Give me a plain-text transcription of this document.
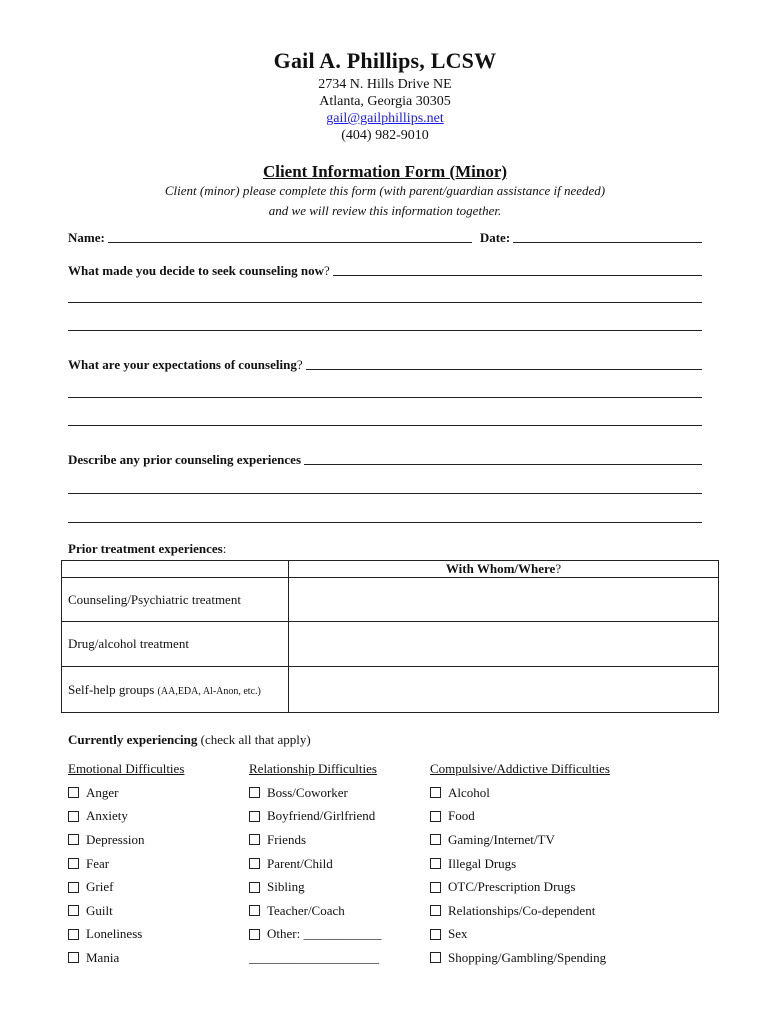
Gail A. Phillips, LCSW
2734 N. Hills Drive NE
Atlanta, Georgia 30305
gail@gailphillips.net
(404) 982-9010
Client Information Form (Minor)
Client (minor) please complete this form (with parent/guardian assistance if needed)
and we will review this information together.
Name:	Date:
What made you decide to seek counseling now ?
What are your expectations of counseling ?
Describe any prior counseling experiences
Prior treatment experiences:
	With Whom/Where?
Counseling/Psychiatric treatment	
Drug/alcohol treatment	
Self-help groups (AA,EDA, Al-Anon, etc.)	
Currently experiencing (check all that apply)
Emotional Difficulties
Anger
Anxiety
Depression
Fear
Grief
Guilt
Loneliness
Mania
Relationship Difficulties
Boss/Coworker
Boyfriend/Girlfriend
Friends
Parent/Child
Sibling
Teacher/Coach
Other: ____________
____________________
Compulsive/Addictive Difficulties
Alcohol
Food
Gaming/Internet/TV
Illegal Drugs
OTC/Prescription Drugs
Relationships/Co-dependent
Sex
Shopping/Gambling/Spending
